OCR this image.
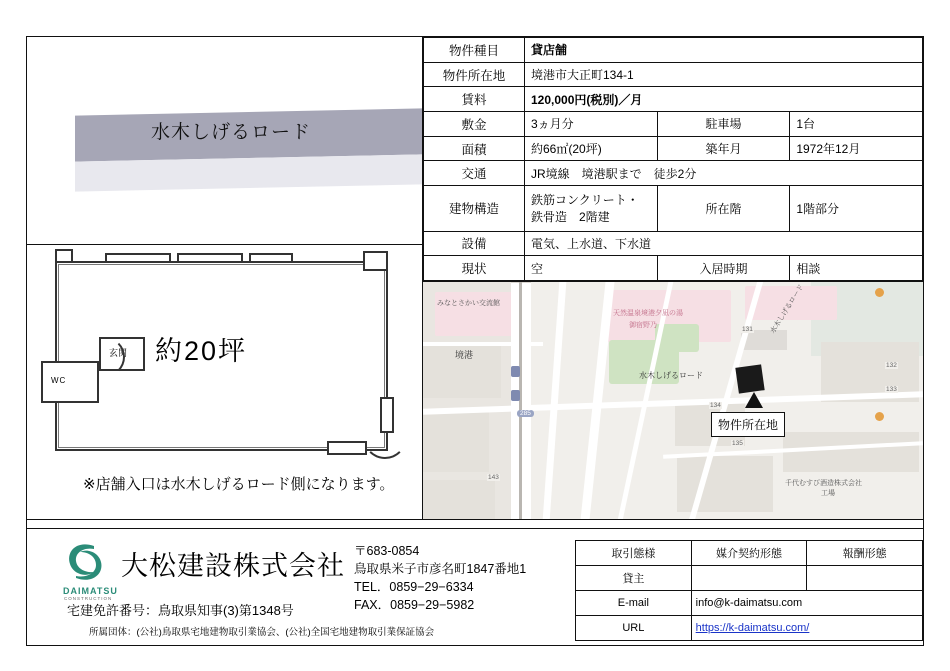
水木しげるロード
WC
玄関 約20坪
※店舗入口は水木しげるロード側になります。
物件種目	貸店舗		
物件所在地	境港市大正町134-1		
賃料	120,000円(税別)／月		
敷金	3ヵ月分	駐車場	1台
面積	約66㎡(20坪)	築年月	1972年12月
交通	JR境線　境港駅まで　徒歩2分		
建物構造	鉄筋コンクリート・鉄骨造　2階建	所在階	1階部分
設備	電気、上水道、下水道		
現状	空	入居時期	相談
みなとさかい交流館
天然温泉境港夕凪の湯
御宿野乃	水木しげるロード
水木しげるロード
千代むすび酒造株式会社
工場
131
132
133
134
135
143
285
境港
物件所在地
DAIMATSU
CONSTRUCTION
大松建設株式会社 〒683-0854
鳥取県米子市彦名町1847番地1
TEL．0859−29−6334
FAX．0859−29−5982
宅建免許番号：鳥取県知事(3)第1348号
所属団体：(公社)鳥取県宅地建物取引業協会、(公社)全国宅地建物取引業保証協会
取引態様	媒介契約形態	報酬形態
貸主		
E-mail	info@k-daimatsu.com	
URL	https://k-daimatsu.com/	
